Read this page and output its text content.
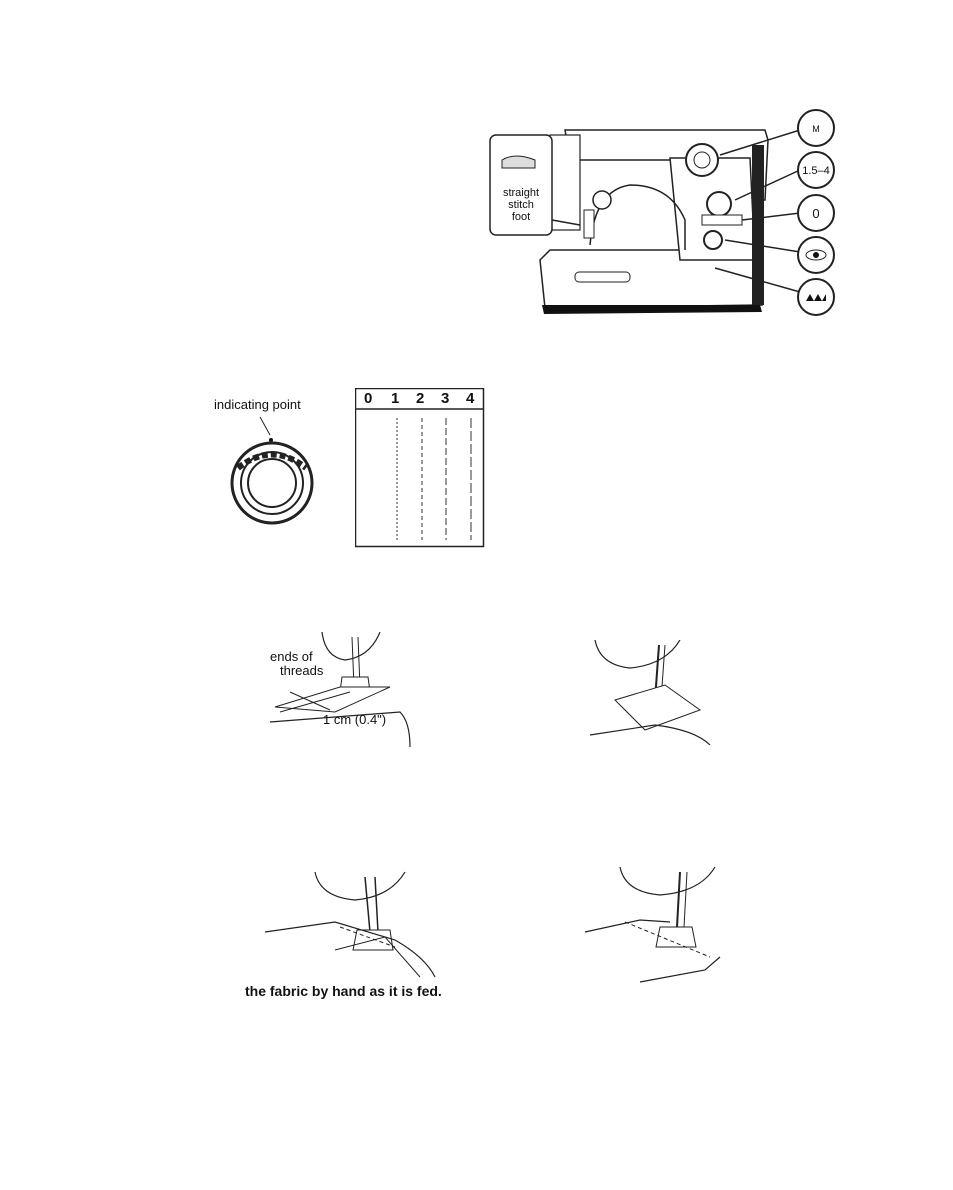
straight
stitch
foot
M
1.5–4
0
indicating point	0 1 2 3 4
ends of
threads
1 cm (0.4")
the fabric by hand as it is fed.
